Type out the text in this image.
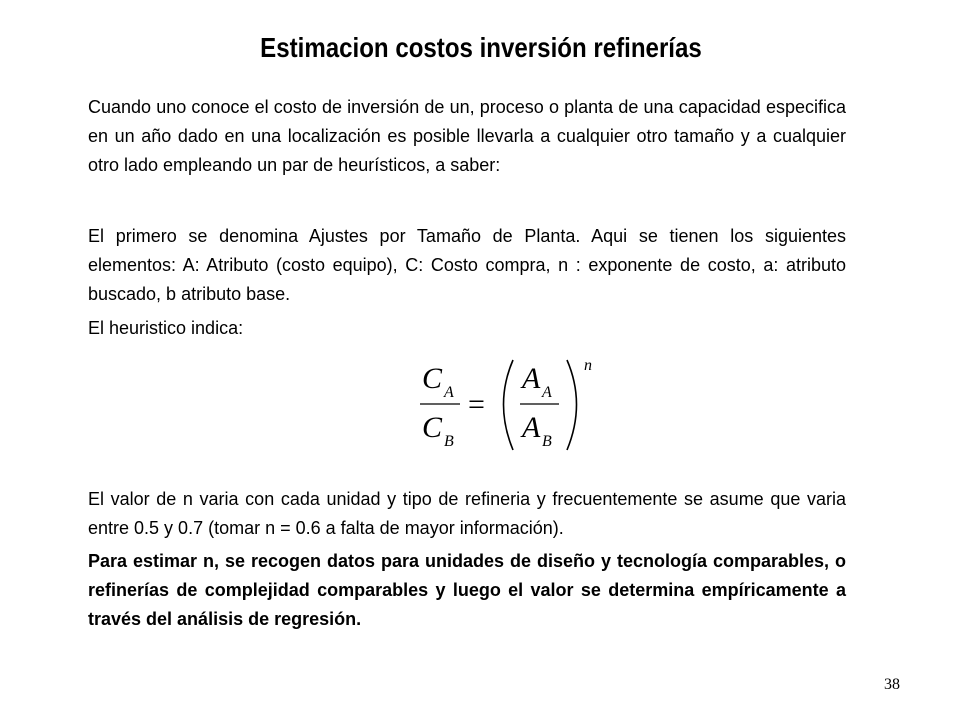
Estimacion costos inversión refinerías
Cuando uno conoce el costo de inversión de un, proceso o planta de una capacidad especifica en un año dado en una localización es posible llevarla a cualquier otro tamaño y a cualquier otro lado empleando un par de heurísticos, a saber:
El primero se denomina Ajustes por Tamaño de Planta. Aqui se tienen los siguientes elementos: A: Atributo (costo equipo), C: Costo compra, n : exponente de costo, a: atributo buscado, b atributo base.
El heuristico indica:
C A
C B
=
A A
A B
n
El valor de n varia con cada unidad y tipo de refineria y frecuentemente se asume que varia entre 0.5 y 0.7 (tomar n = 0.6 a falta de mayor información).
Para estimar n, se recogen datos para unidades de diseño y tecnología comparables, o refinerías de complejidad comparables y luego el valor se determina empíricamente a través del análisis de regresión.
38
